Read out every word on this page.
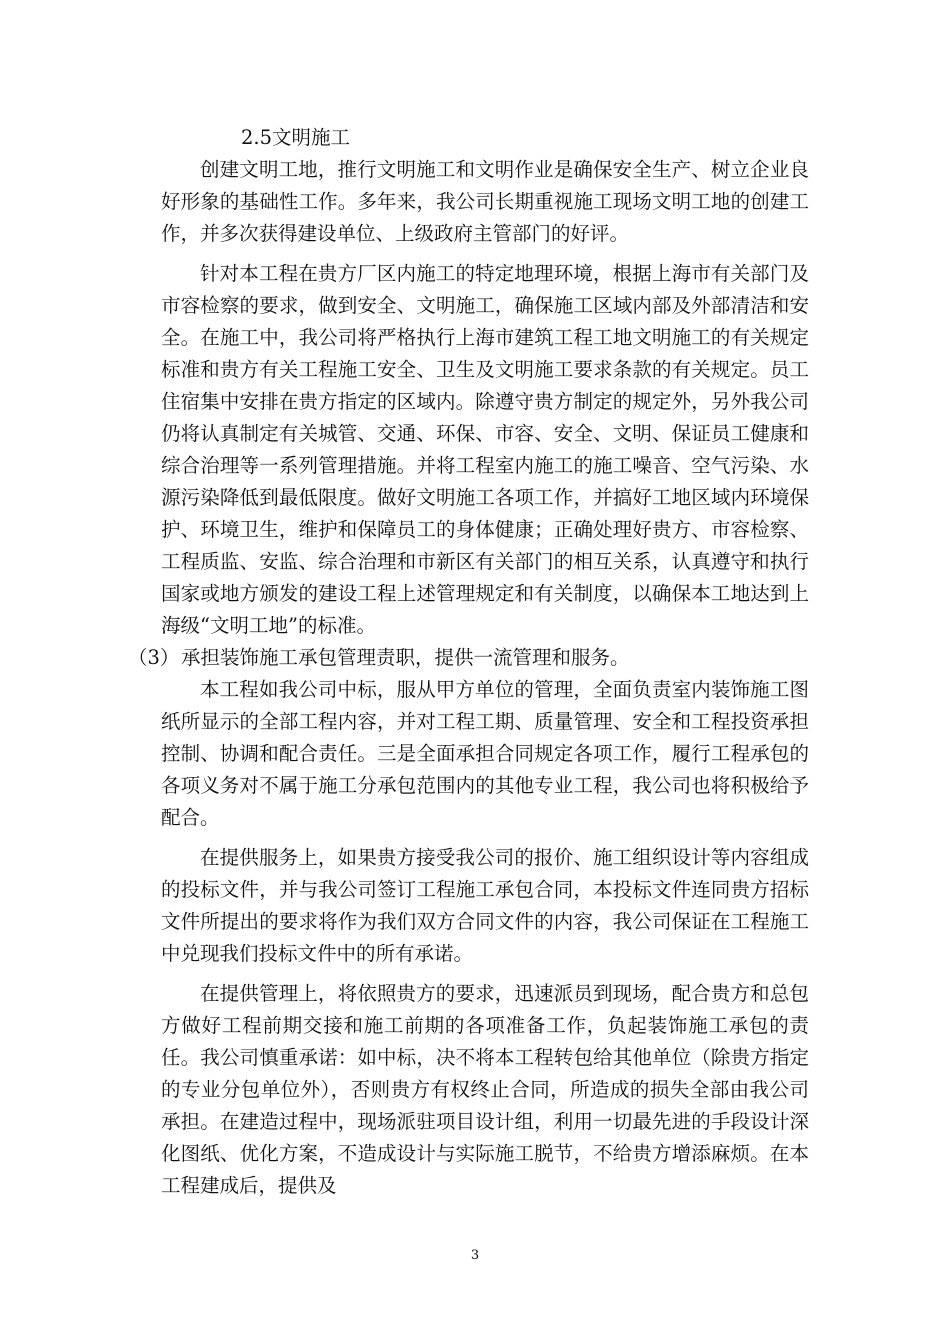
2.5文明施工

创建文明工地，推行文明施工和文明作业是确保安全生产、树立企业良好形象的基础性工作。多年来，我公司长期重视施工现场文明工地的创建工作，并多次获得建设单位、上级政府主管部门的好评。

针对本工程在贵方厂区内施工的特定地理环境，根据上海市有关部门及市容检察的要求，做到安全、文明施工，确保施工区域内部及外部清洁和安全。在施工中，我公司将严格执行上海市建筑工程工地文明施工的有关规定标准和贵方有关工程施工安全、卫生及文明施工要求条款的有关规定。员工住宿集中安排在贵方指定的区域内。除遵守贵方制定的规定外，另外我公司仍将认真制定有关城管、交通、环保、市容、安全、文明、保证员工健康和综合治理等一系列管理措施。并将工程室内施工的施工噪音、空气污染、水源污染降低到最低限度。做好文明施工各项工作，并搞好工地区域内环境保护、环境卫生，维护和保障员工的身体健康；正确处理好贵方、市容检察、工程质监、安监、综合治理和市新区有关部门的相互关系，认真遵守和执行国家或地方颁发的建设工程上述管理规定和有关制度，以确保本工地达到上海级“文明工地”的标准。

（3） 承担装饰施工承包管理责职，提供一流管理和服务。

本工程如我公司中标，服从甲方单位的管理，全面负责室内装饰施工图纸所显示的全部工程内容，并对工程工期、质量管理、安全和工程投资承担控制、协调和配合责任。三是全面承担合同规定各项工作，履行工程承包的各项义务对不属于施工分承包范围内的其他专业工程，我公司也将积极给予配合。

在提供服务上，如果贵方接受我公司的报价、施工组织设计等内容组成的投标文件，并与我公司签订工程施工承包合同，本投标文件连同贵方招标文件所提出的要求将作为我们双方合同文件的内容，我公司保证在工程施工中兑现我们投标文件中的所有承诺。

在提供管理上，将依照贵方的要求，迅速派员到现场，配合贵方和总包方做好工程前期交接和施工前期的各项准备工作，负起装饰施工承包的责任。我公司慎重承诺：如中标，决不将本工程转包给其他单位（除贵方指定的专业分包单位外），否则贵方有权终止合同，所造成的损失全部由我公司承担。在建造过程中，现场派驻项目设计组，利用一切最先进的手段设计深化图纸、优化方案，不造成设计与实际施工脱节，不给贵方增添麻烦。在本工程建成后，提供及

3
